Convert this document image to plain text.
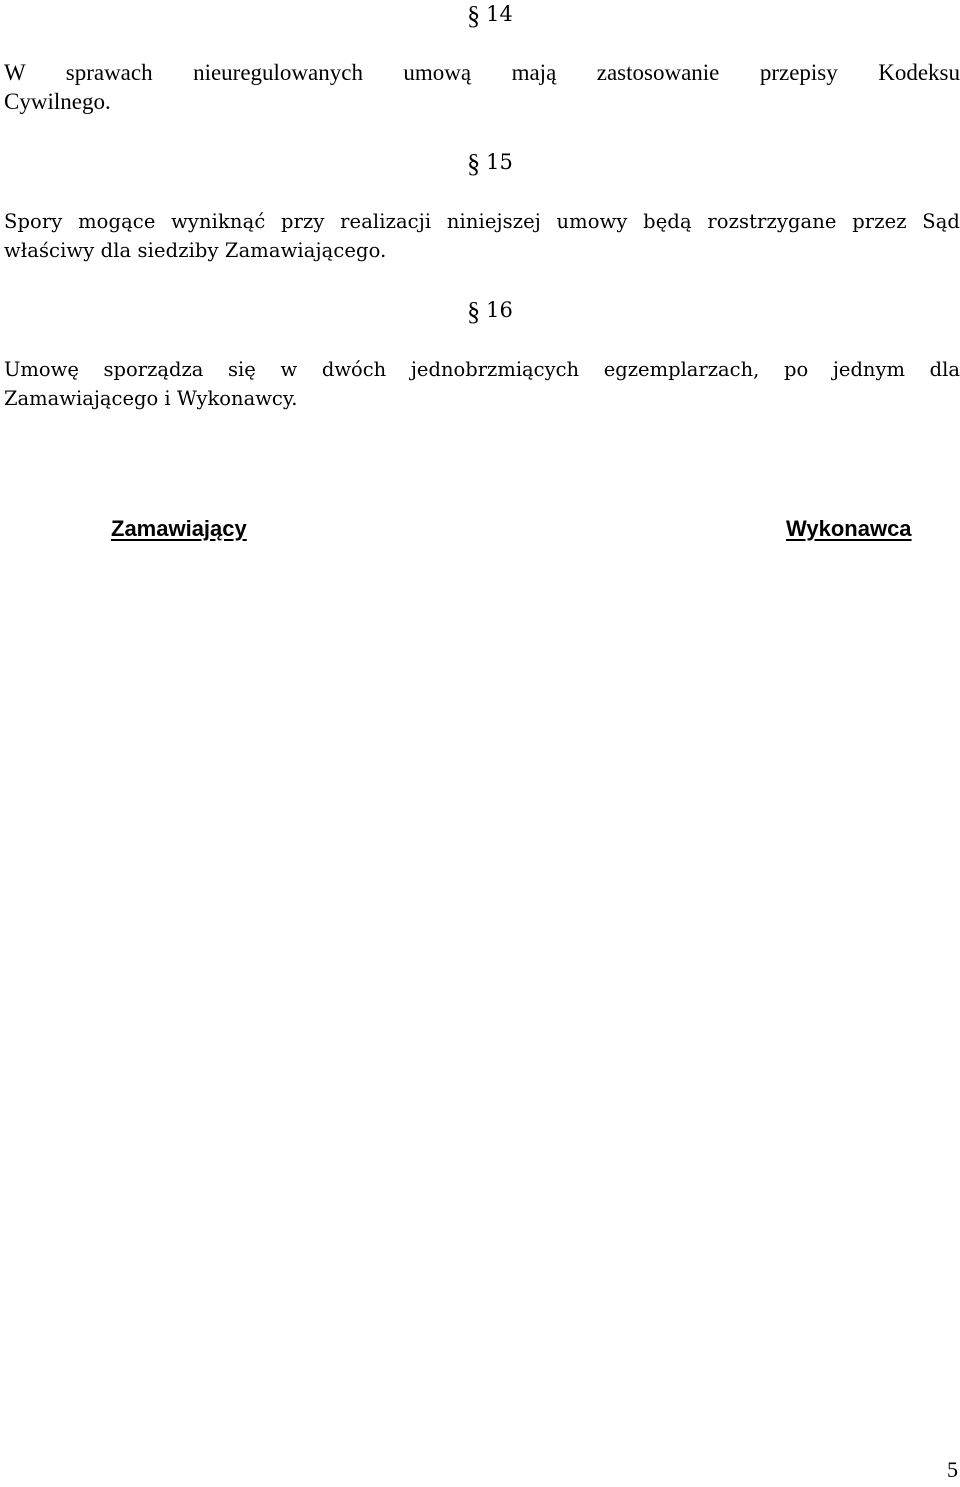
§ 14

W sprawach nieuregulowanych umową mają zastosowanie przepisy Kodeksu
Cywilnego.

§ 15

Spory mogące wyniknąć przy realizacji niniejszej umowy będą rozstrzygane przez Sąd
właściwy dla siedziby Zamawiającego.

§ 16

Umowę sporządza się w dwóch jednobrzmiących egzemplarzach, po jednym dla
Zamawiającego i Wykonawcy.

Zamawiający	Wykonawca

5
